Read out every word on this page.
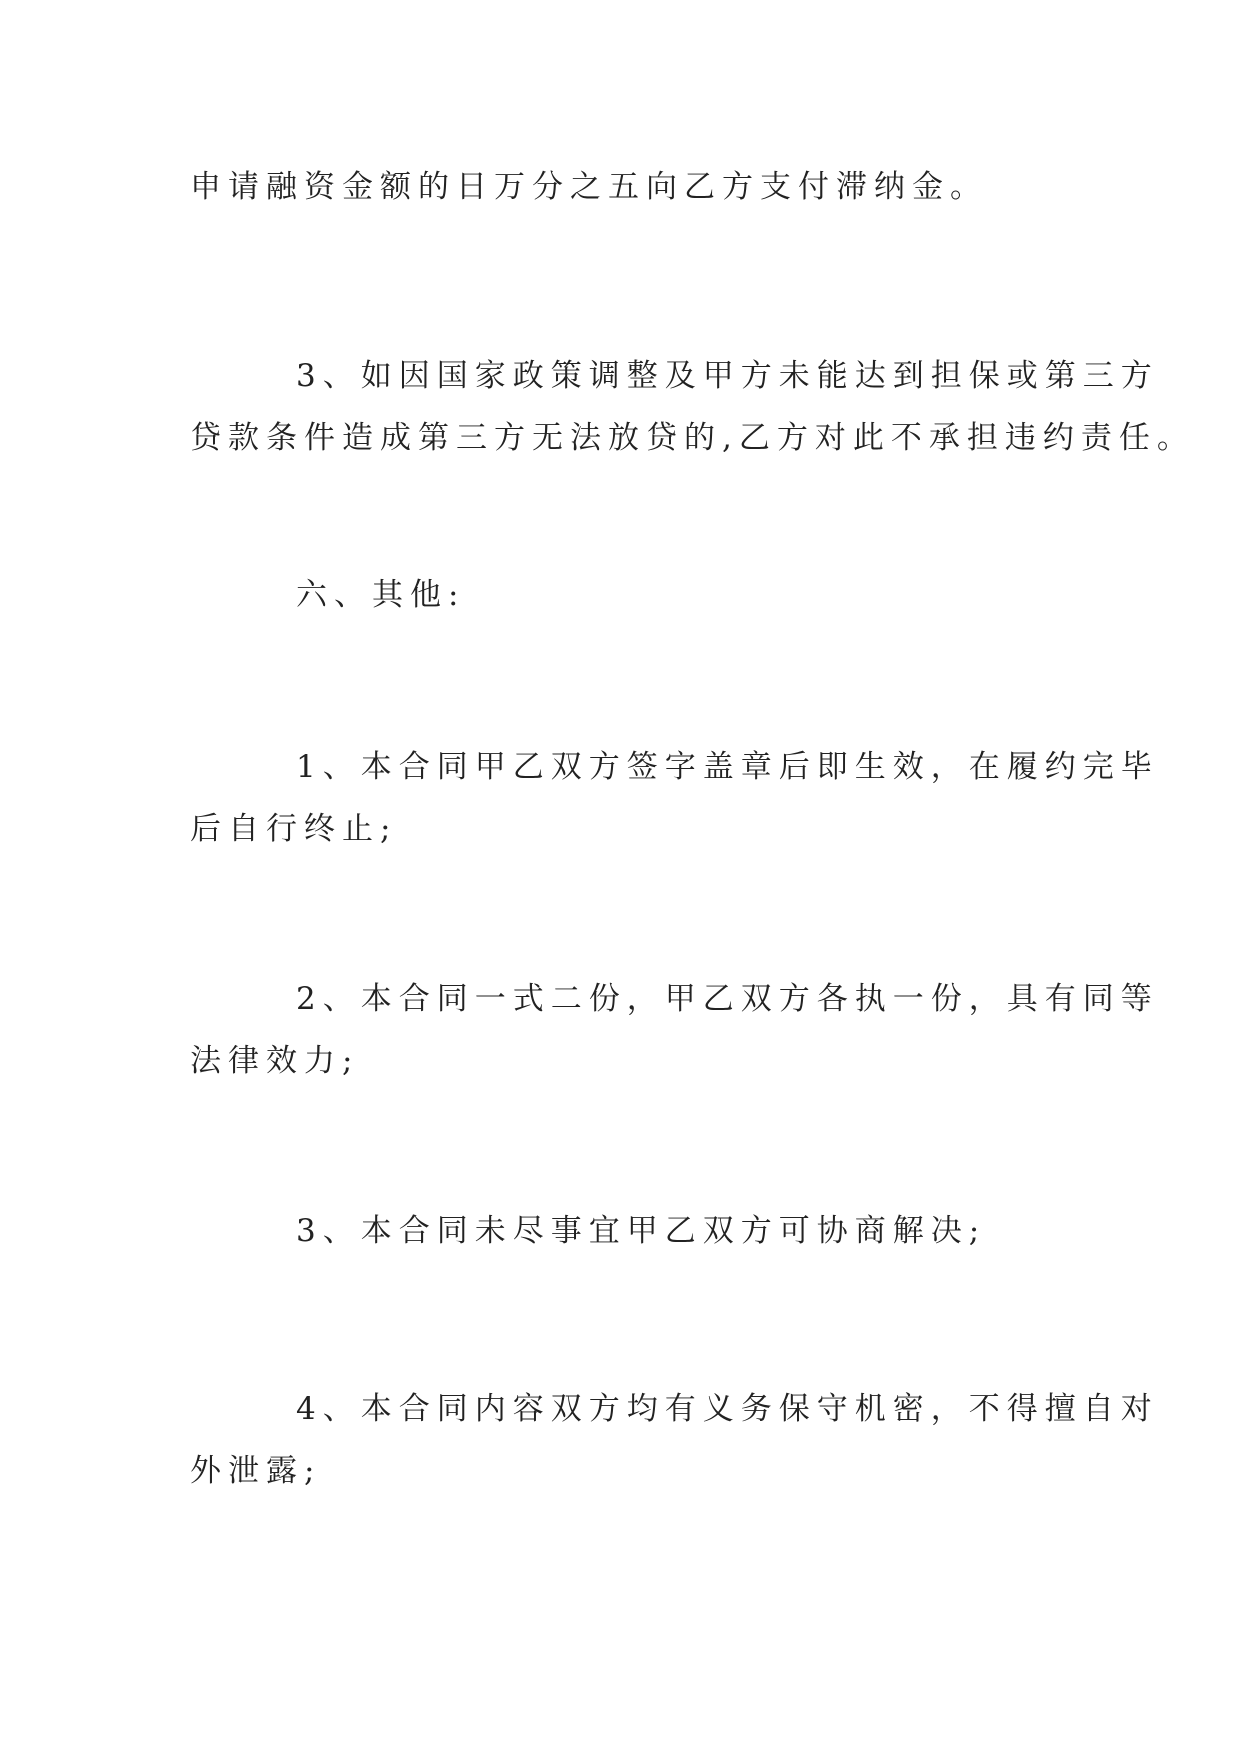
申请融资金额的日万分之五向乙方支付滞纳金。

3、如因国家政策调整及甲方未能达到担保或第三方
贷款条件造成第三方无法放贷的,乙方对此不承担违约责任。

六、其他:

1、本合同甲乙双方签字盖章后即生效，在履约完毕
后自行终止;

2、本合同一式二份，甲乙双方各执一份，具有同等
法律效力;

3、本合同未尽事宜甲乙双方可协商解决;

4、本合同内容双方均有义务保守机密，不得擅自对
外泄露;
